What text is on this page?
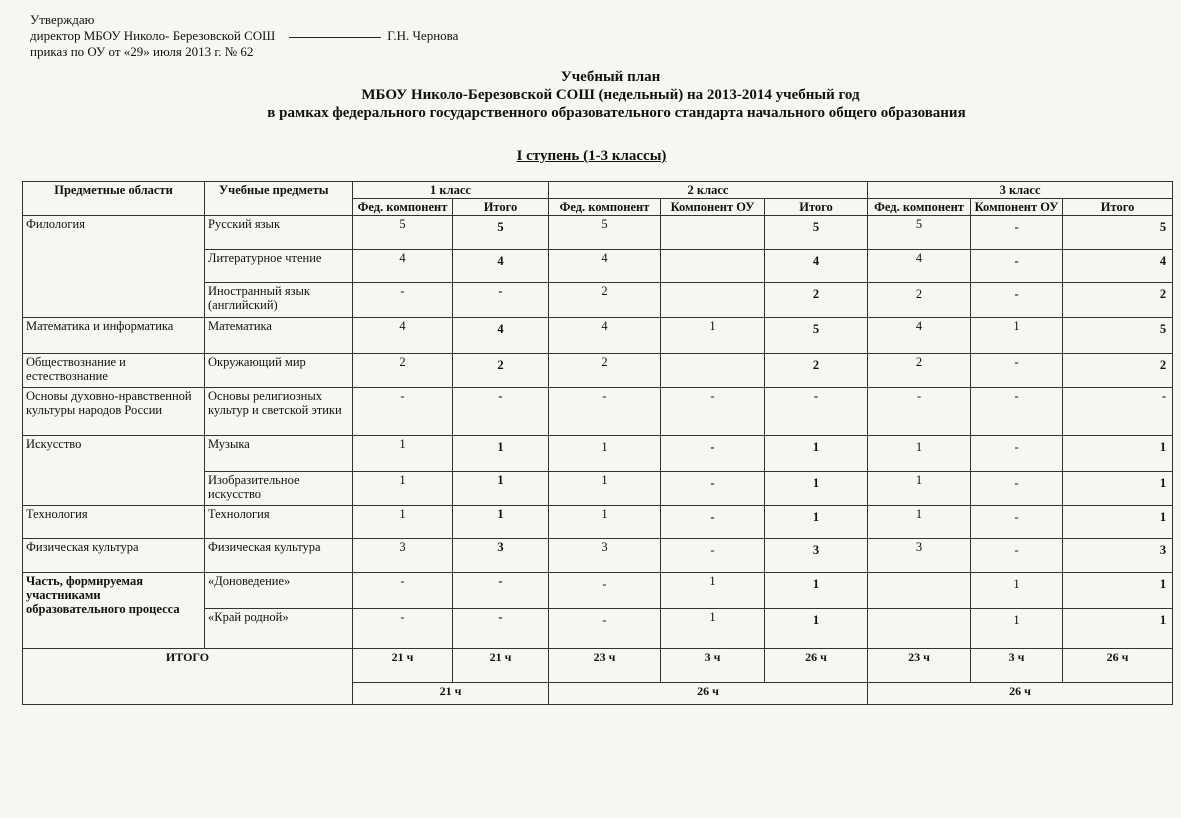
Утверждаю
директор МБОУ Николо- Березовской СОШ	Г.Н. Чернова
приказ по ОУ от «29» июля 2013 г. № 62
Учебный план
МБОУ Николо-Березовской СОШ (недельный) на 2013-2014 учебный год
в рамках федерального государственного образовательного стандарта начального общего образования
I ступень (1-3 классы)
Предметные области	Учебные предметы	1 класс		2 класс			3 класс		
		Фед. компонент	Итого	Фед. компонент	Компонент ОУ	Итого	Фед. компонент	Компонент ОУ	Итого
Филология	Русский язык	5	5	5		5	5	-	5
	Литературное чтение	4	4	4		4	4	-	4
	Иностранный язык (английский)	-	-	2		2	2	-	2
Математика и информатика	Математика	4	4	4	1	5	4	1	5
Обществознание и естествознание	Окружающий мир	2	2	2		2	2	-	2
Основы духовно-нравственной культуры народов России	Основы религиозных культур и светской этики	-	-	-	-	-	-	-	-
Искусство	Музыка	1	1	1	-	1	1	-	1
	Изобразительное искусство	1	1	1	-	1	1	-	1
Технология	Технология	1	1	1	-	1	1	-	1
Физическая культура	Физическая культура	3	3	3	-	3	3	-	3
Часть, формируемая участниками образовательного процесса	«Доноведение»	-	-	-	1	1		1	1
	«Край родной»	-	-	-	1	1		1	1
ИТОГО		21 ч	21 ч	23 ч	3 ч	26 ч	23 ч	3 ч	26 ч
		21 ч		26 ч			26 ч		
